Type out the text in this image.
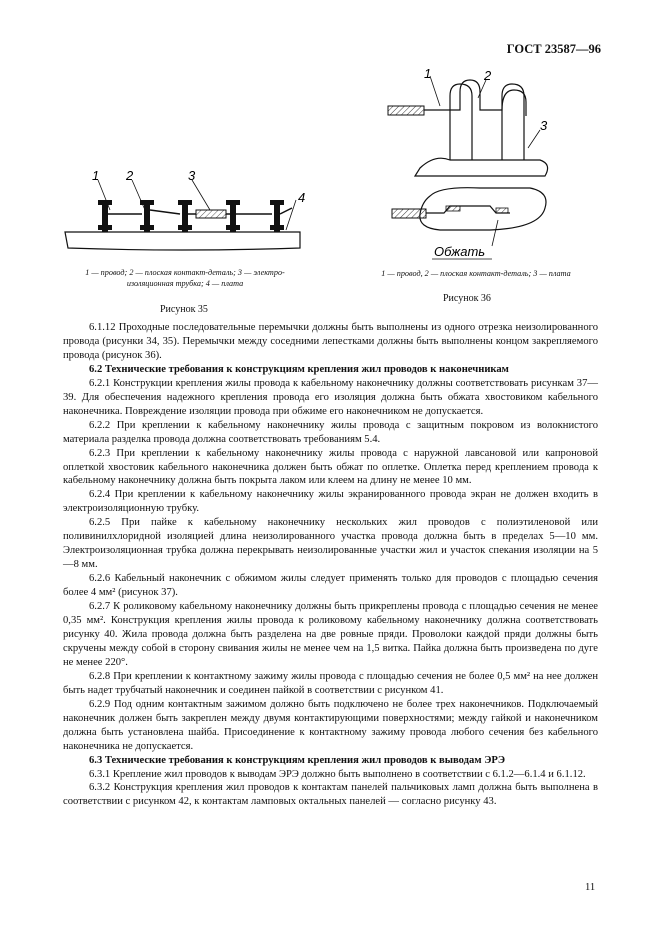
ГОСТ 23587—96
1 2	3
4
1 — провод; 2 — плоская контакт-деталь; 3 — электро-
изоляционная трубка; 4 — плата
Рисунок 35
1	2
3
Обжать
1 — провод, 2 — плоская контакт-деталь; 3 — плата
Рисунок 36

6.1.12 Проходные последовательные перемычки должны быть выполнены из одного отрезка неизолированного провода (рисунки 34, 35). Перемычки между соседними лепестками должны быть выполнены концом закрепляемого провода (рисунок 36).

6.2 Технические требования к конструкциям крепления жил проводов к наконечникам

6.2.1 Конструкции крепления жилы провода к кабельному наконечнику должны соответствовать рисункам 37—39. Для обеспечения надежного крепления провода его изоляция должна быть обжата хвостовиком кабельного наконечника. Повреждение изоляции провода при обжиме его наконечником не допускается.

6.2.2 При креплении к кабельному наконечнику жилы провода с защитным покровом из волокнистого материала разделка провода должна соответствовать требованиям 5.4.

6.2.3 При креплении к кабельному наконечнику жилы провода с наружной лавсановой или капроновой оплеткой хвостовик кабельного наконечника должен быть обжат по оплетке. Оплетка перед креплением провода к кабельному наконечнику должна быть покрыта лаком или клеем на длину не менее 10 мм.

6.2.4 При креплении к кабельному наконечнику жилы экранированного провода экран не должен входить в электроизоляционную трубку.

6.2.5 При пайке к кабельному наконечнику нескольких жил проводов с полиэтиленовой или поливинилхлоридной изоляцией длина неизолированного участка провода должна быть в пределах 5—10 мм. Электроизоляционная трубка должна перекрывать неизолированные участки жил и участок спекания изоляции на 5—8 мм.

6.2.6 Кабельный наконечник с обжимом жилы следует применять только для проводов с площадью сечения более 4 мм² (рисунок 37).

6.2.7 К роликовому кабельному наконечнику должны быть прикреплены провода с площадью сечения не менее 0,35 мм². Конструкция крепления жилы провода к роликовому кабельному наконечнику должна соответствовать рисунку 40. Жила провода должна быть разделена на две ровные пряди. Проволоки каждой пряди должны быть скручены между собой в сторону свивания жилы не менее чем на 1,5 витка. Пайка должна быть произведена по дуге не менее 220°.

6.2.8 При креплении к контактному зажиму жилы провода с площадью сечения не более 0,5 мм² на нее должен быть надет трубчатый наконечник и соединен пайкой в соответствии с рисунком 41.

6.2.9 Под одним контактным зажимом должно быть подключено не более трех наконечников. Подключаемый наконечник должен быть закреплен между двумя контактирующими поверхностями; между гайкой и наконечником должна быть установлена шайба. Присоединение к контактному зажиму провода любого сечения без кабельного наконечника не допускается.

6.3 Технические требования к конструкциям крепления жил проводов к выводам ЭРЭ

6.3.1 Крепление жил проводов к выводам ЭРЭ должно быть выполнено в соответствии с 6.1.2—6.1.4 и 6.1.12.

6.3.2 Конструкция крепления жил проводов к контактам панелей пальчиковых ламп должна быть выполнена в соответствии с рисунком 42, к контактам ламповых октальных панелей — согласно рисунку 43.

11
